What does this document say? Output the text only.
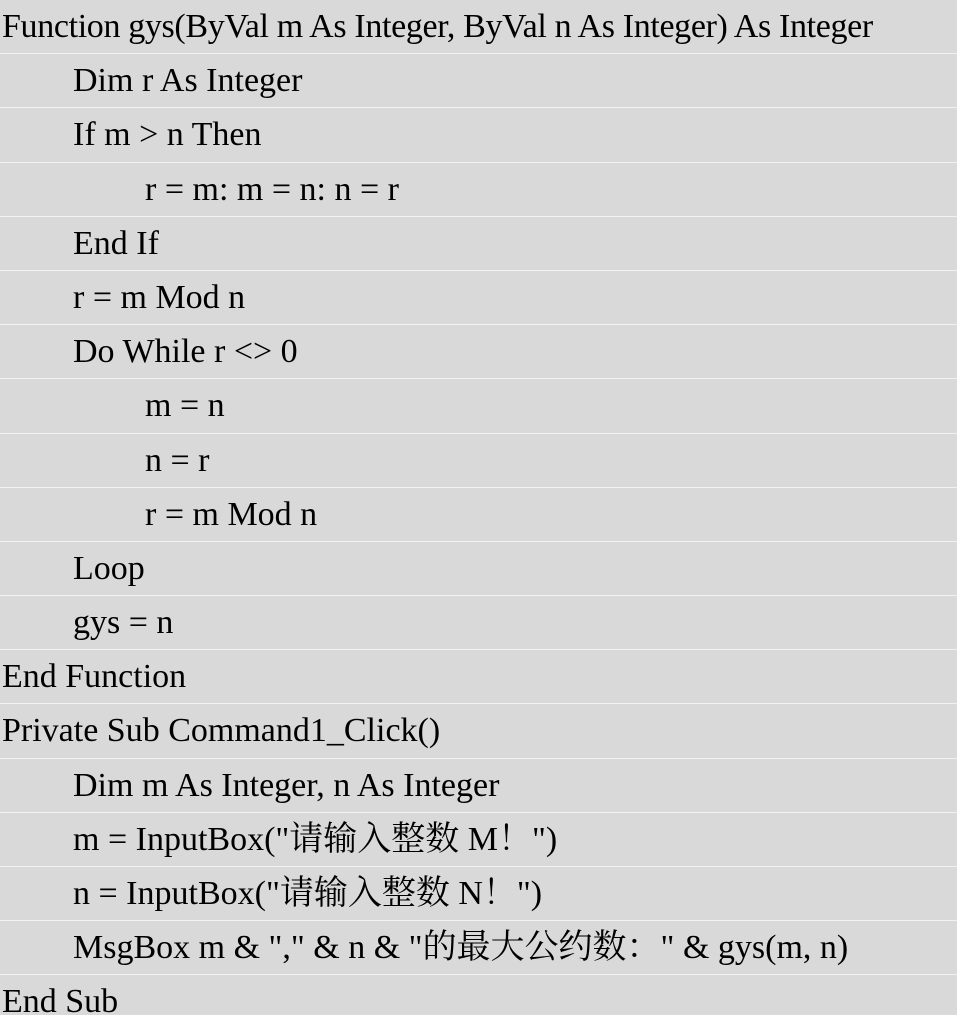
Function gys(ByVal m As Integer, ByVal n As Integer) As Integer
Dim r As Integer
If m > n Then
r = m: m = n: n = r
End If
r = m Mod n
Do While r <> 0
m = n
n = r
r = m Mod n
Loop
gys = n
End Function
Private Sub Command1_Click()
Dim m As Integer, n As Integer
m = InputBox("请输入整数 M！")
n = InputBox("请输入整数 N！")
MsgBox m & "," & n & "的最大公约数：" & gys(m, n)
End Sub
